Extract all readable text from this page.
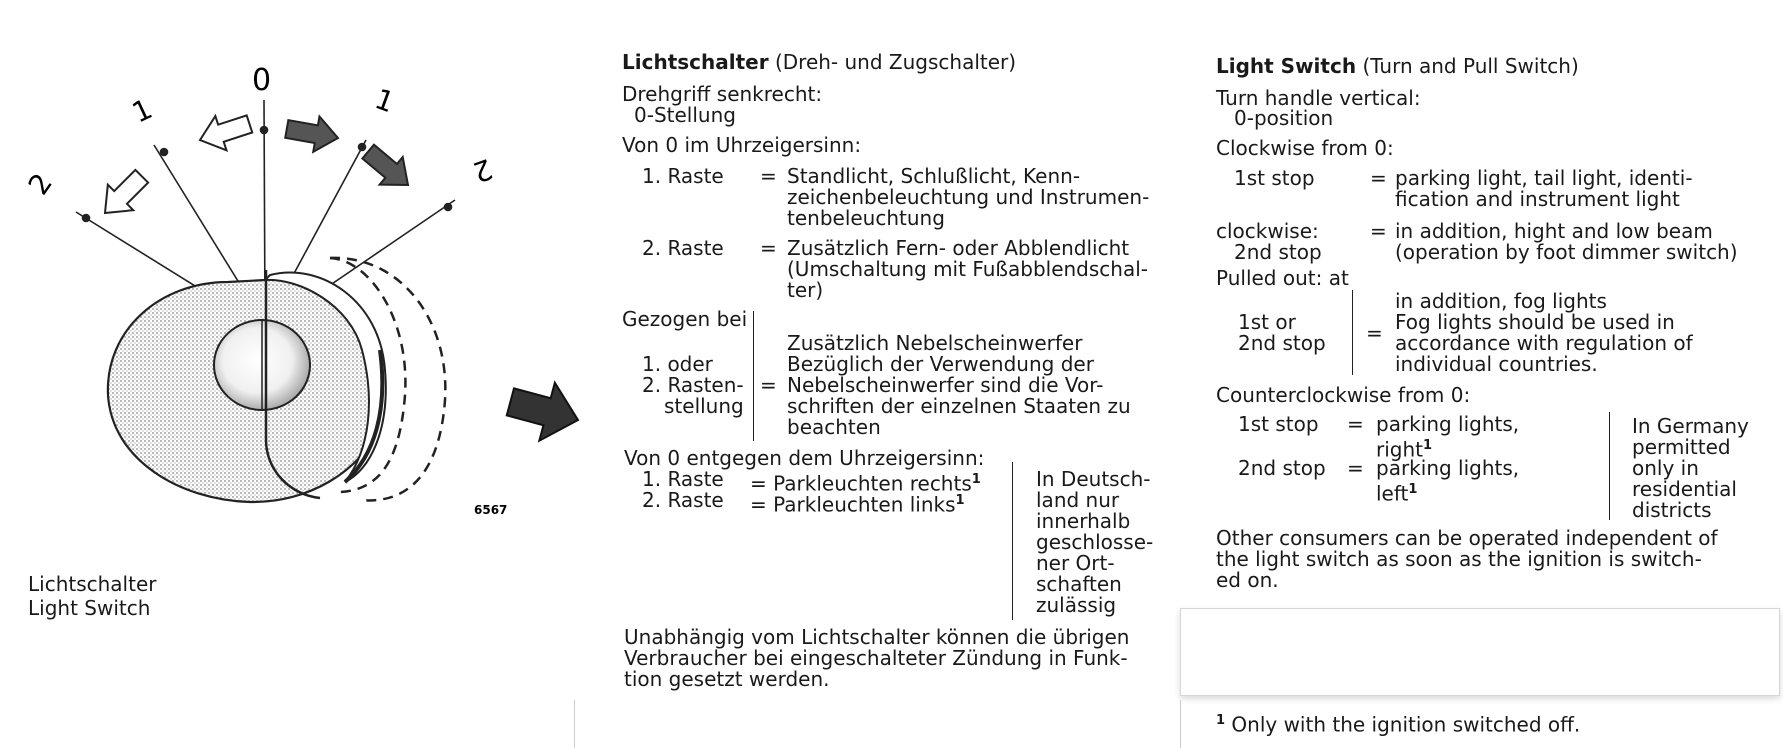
0
1
2
1
2
6567
Lichtschalter
Light Switch
Lichtschalter (Dreh- und Zugschalter)
Drehgriff senkrecht:
0-Stellung
Von 0 im Uhrzeigersinn:
1. Raste = Standlicht, Schlußlicht, Kenn-
zeichenbeleuchtung und Instrumen-
tenbeleuchtung
2. Raste = Zusätzlich Fern- oder Abblendlicht
(Umschaltung mit Fußabblendschal-
ter)
Gezogen bei
1. oder
2. Rasten-
stellung
=
Zusätzlich Nebelscheinwerfer
Bezüglich der Verwendung der
Nebelscheinwerfer sind die Vor-
schriften der einzelnen Staaten zu
beachten
Von 0 entgegen dem Uhrzeigersinn:
1. Raste = Parkleuchten rechts$^1$
2. Raste = Parkleuchten links$^1$
In Deutsch-
land nur
innerhalb
geschlosse-
ner Ort-
schaften
zulässig
Unabhängig vom Lichtschalter können die übrigen
Verbraucher bei eingeschalteter Zündung in Funk-
tion gesetzt werden.
Light Switch (Turn and Pull Switch)
Turn handle vertical:
0-position
Clockwise from 0:
1st stop	= parking light, tail light, identi-
fication and instrument light
clockwise:
2nd stop
= in addition, hight and low beam
(operation by foot dimmer switch)
Pulled out: at
1st or
2nd stop =
in addition, fog lights
Fog lights should be used in
accordance with regulation of
individual countries.
Counterclockwise from 0:
1st stop = parking lights,
right$^1$
2nd stop = parking lights,
left$^1$
In Germany
permitted
only in
residential
districts
Other consumers can be operated independent of
the light switch as soon as the ignition is switch-
ed on.
$^1$ Only with the ignition switched off.
